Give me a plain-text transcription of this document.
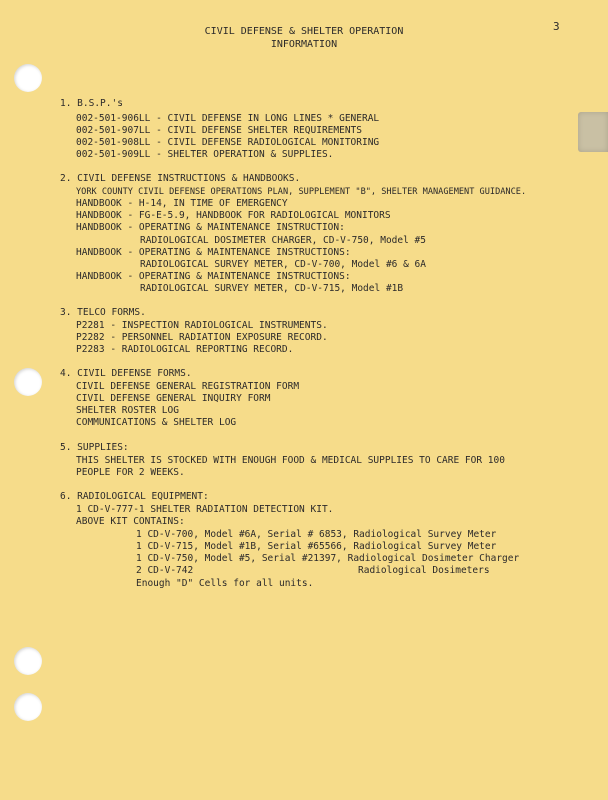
3
CIVIL DEFENSE & SHELTER OPERATION
INFORMATION
1. B.S.P.'s
002-501-906LL - CIVIL DEFENSE IN LONG LINES * GENERAL
002-501-907LL - CIVIL DEFENSE SHELTER REQUIREMENTS
002-501-908LL - CIVIL DEFENSE RADIOLOGICAL MONITORING
002-501-909LL - SHELTER OPERATION & SUPPLIES.
2. CIVIL DEFENSE INSTRUCTIONS & HANDBOOKS.
YORK COUNTY CIVIL DEFENSE OPERATIONS PLAN, SUPPLEMENT "B", SHELTER MANAGEMENT GUIDANCE.
HANDBOOK - H-14, IN TIME OF EMERGENCY
HANDBOOK - FG-E-5.9, HANDBOOK FOR RADIOLOGICAL MONITORS
HANDBOOK - OPERATING & MAINTENANCE INSTRUCTION:
RADIOLOGICAL DOSIMETER CHARGER, CD-V-750, Model #5
HANDBOOK - OPERATING & MAINTENANCE INSTRUCTIONS:
RADIOLOGICAL SURVEY METER, CD-V-700, Model #6 & 6A
HANDBOOK - OPERATING & MAINTENANCE INSTRUCTIONS:
RADIOLOGICAL SURVEY METER, CD-V-715, Model #1B
3. TELCO FORMS.
P2281 - INSPECTION RADIOLOGICAL INSTRUMENTS.
P2282 - PERSONNEL RADIATION EXPOSURE RECORD.
P2283 - RADIOLOGICAL REPORTING RECORD.
4. CIVIL DEFENSE FORMS.
CIVIL DEFENSE GENERAL REGISTRATION FORM
CIVIL DEFENSE GENERAL INQUIRY FORM
SHELTER ROSTER LOG
COMMUNICATIONS & SHELTER LOG
5. SUPPLIES:
THIS SHELTER IS STOCKED WITH ENOUGH FOOD & MEDICAL SUPPLIES TO CARE FOR 100
PEOPLE FOR 2 WEEKS.
6. RADIOLOGICAL EQUIPMENT:
1 CD-V-777-1 SHELTER RADIATION DETECTION KIT.
ABOVE KIT CONTAINS:
1 CD-V-700, Model #6A, Serial # 6853, Radiological Survey Meter
1 CD-V-715, Model #1B, Serial #65566, Radiological Survey Meter
1 CD-V-750, Model #5, Serial #21397, Radiological Dosimeter Charger
2 CD-V-742	Radiological Dosimeters
Enough "D" Cells for all units.
